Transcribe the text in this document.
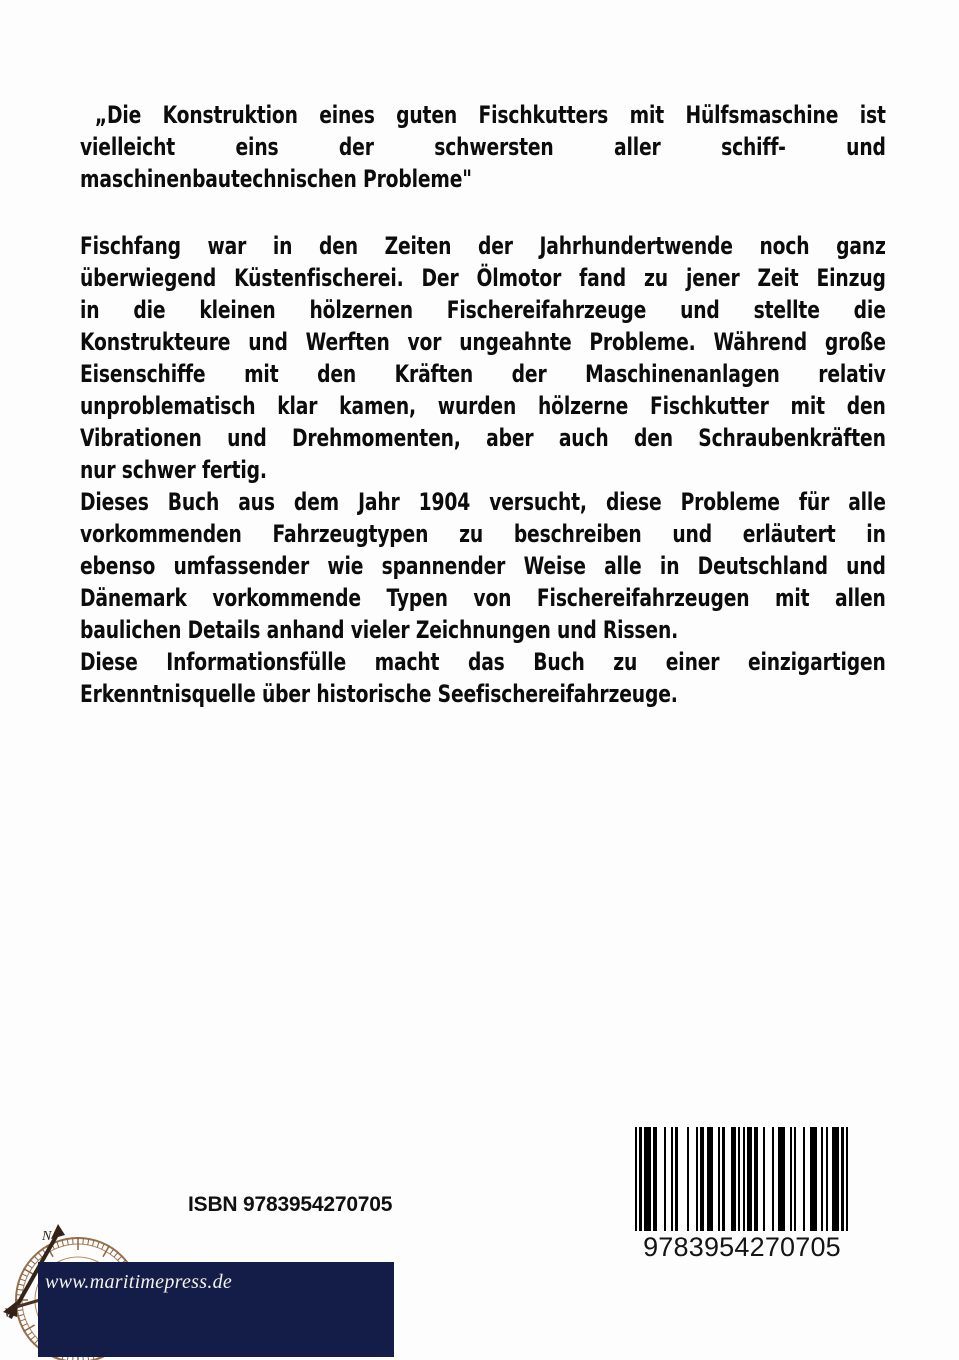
„Die Konstruktion eines guten Fischkutters mit Hülfsmaschine ist
vielleicht eins der schwersten aller schiff- und
maschinenbautechnischen Probleme"
Fischfang war in den Zeiten der Jahrhundertwende noch ganz
überwiegend Küstenfischerei. Der Ölmotor fand zu jener Zeit Einzug
in die kleinen hölzernen Fischereifahrzeuge und stellte die
Konstrukteure und Werften vor ungeahnte Probleme. Während große
Eisenschiffe mit den Kräften der Maschinenanlagen relativ
unproblematisch klar kamen, wurden hölzerne Fischkutter mit den
Vibrationen und Drehmomenten, aber auch den Schraubenkräften
nur schwer fertig.
Dieses Buch aus dem Jahr 1904 versucht, diese Probleme für alle
vorkommenden Fahrzeugtypen zu beschreiben und erläutert in
ebenso umfassender wie spannender Weise alle in Deutschland und
Dänemark vorkommende Typen von Fischereifahrzeugen mit allen
baulichen Details anhand vieler Zeichnungen und Rissen.
Diese Informationsfülle macht das Buch zu einer einzigartigen
Erkenntnisquelle über historische Seefischereifahrzeuge.
ISBN 9783954270705
9783954270705
N
W
www.maritimepress.de
